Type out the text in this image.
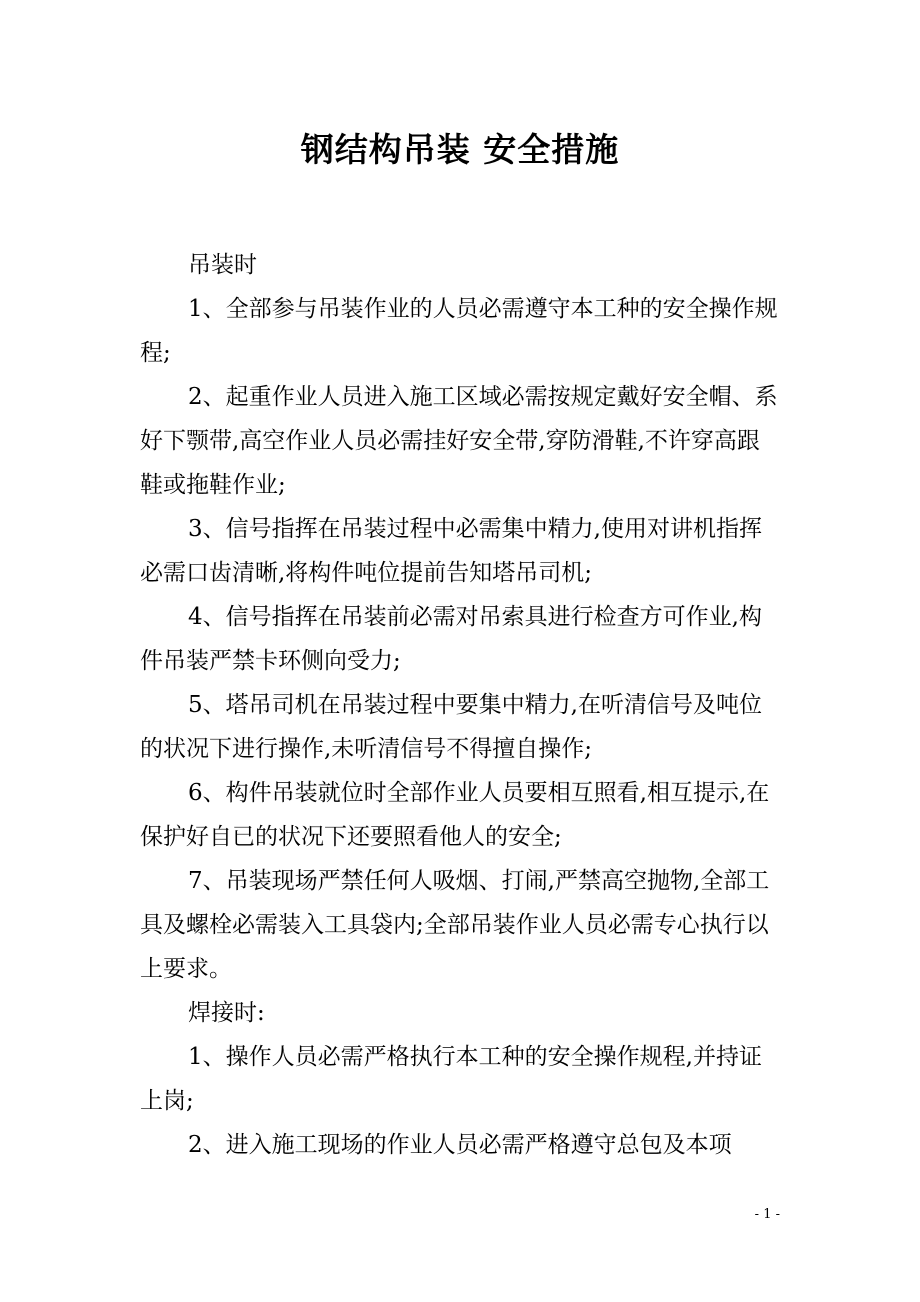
钢结构吊装 安全措施

吊装时

1、全部参与吊装作业的人员必需遵守本工种的安全操作规程;

2、起重作业人员进入施工区域必需按规定戴好安全帽、系好下颚带,高空作业人员必需挂好安全带,穿防滑鞋,不许穿高跟鞋或拖鞋作业;

3、信号指挥在吊装过程中必需集中精力,使用对讲机指挥必需口齿清晰,将构件吨位提前告知塔吊司机;

4、信号指挥在吊装前必需对吊索具进行检查方可作业,构件吊装严禁卡环侧向受力;

5、塔吊司机在吊装过程中要集中精力,在听清信号及吨位的状况下进行操作,未听清信号不得擅自操作;

6、构件吊装就位时全部作业人员要相互照看,相互提示,在保护好自已的状况下还要照看他人的安全;

7、吊装现场严禁任何人吸烟、打闹,严禁高空抛物,全部工具及螺栓必需装入工具袋内;全部吊装作业人员必需专心执行以上要求。

焊接时:

1、操作人员必需严格执行本工种的安全操作规程,并持证上岗;

2、进入施工现场的作业人员必需严格遵守总包及本项

- 1 -
